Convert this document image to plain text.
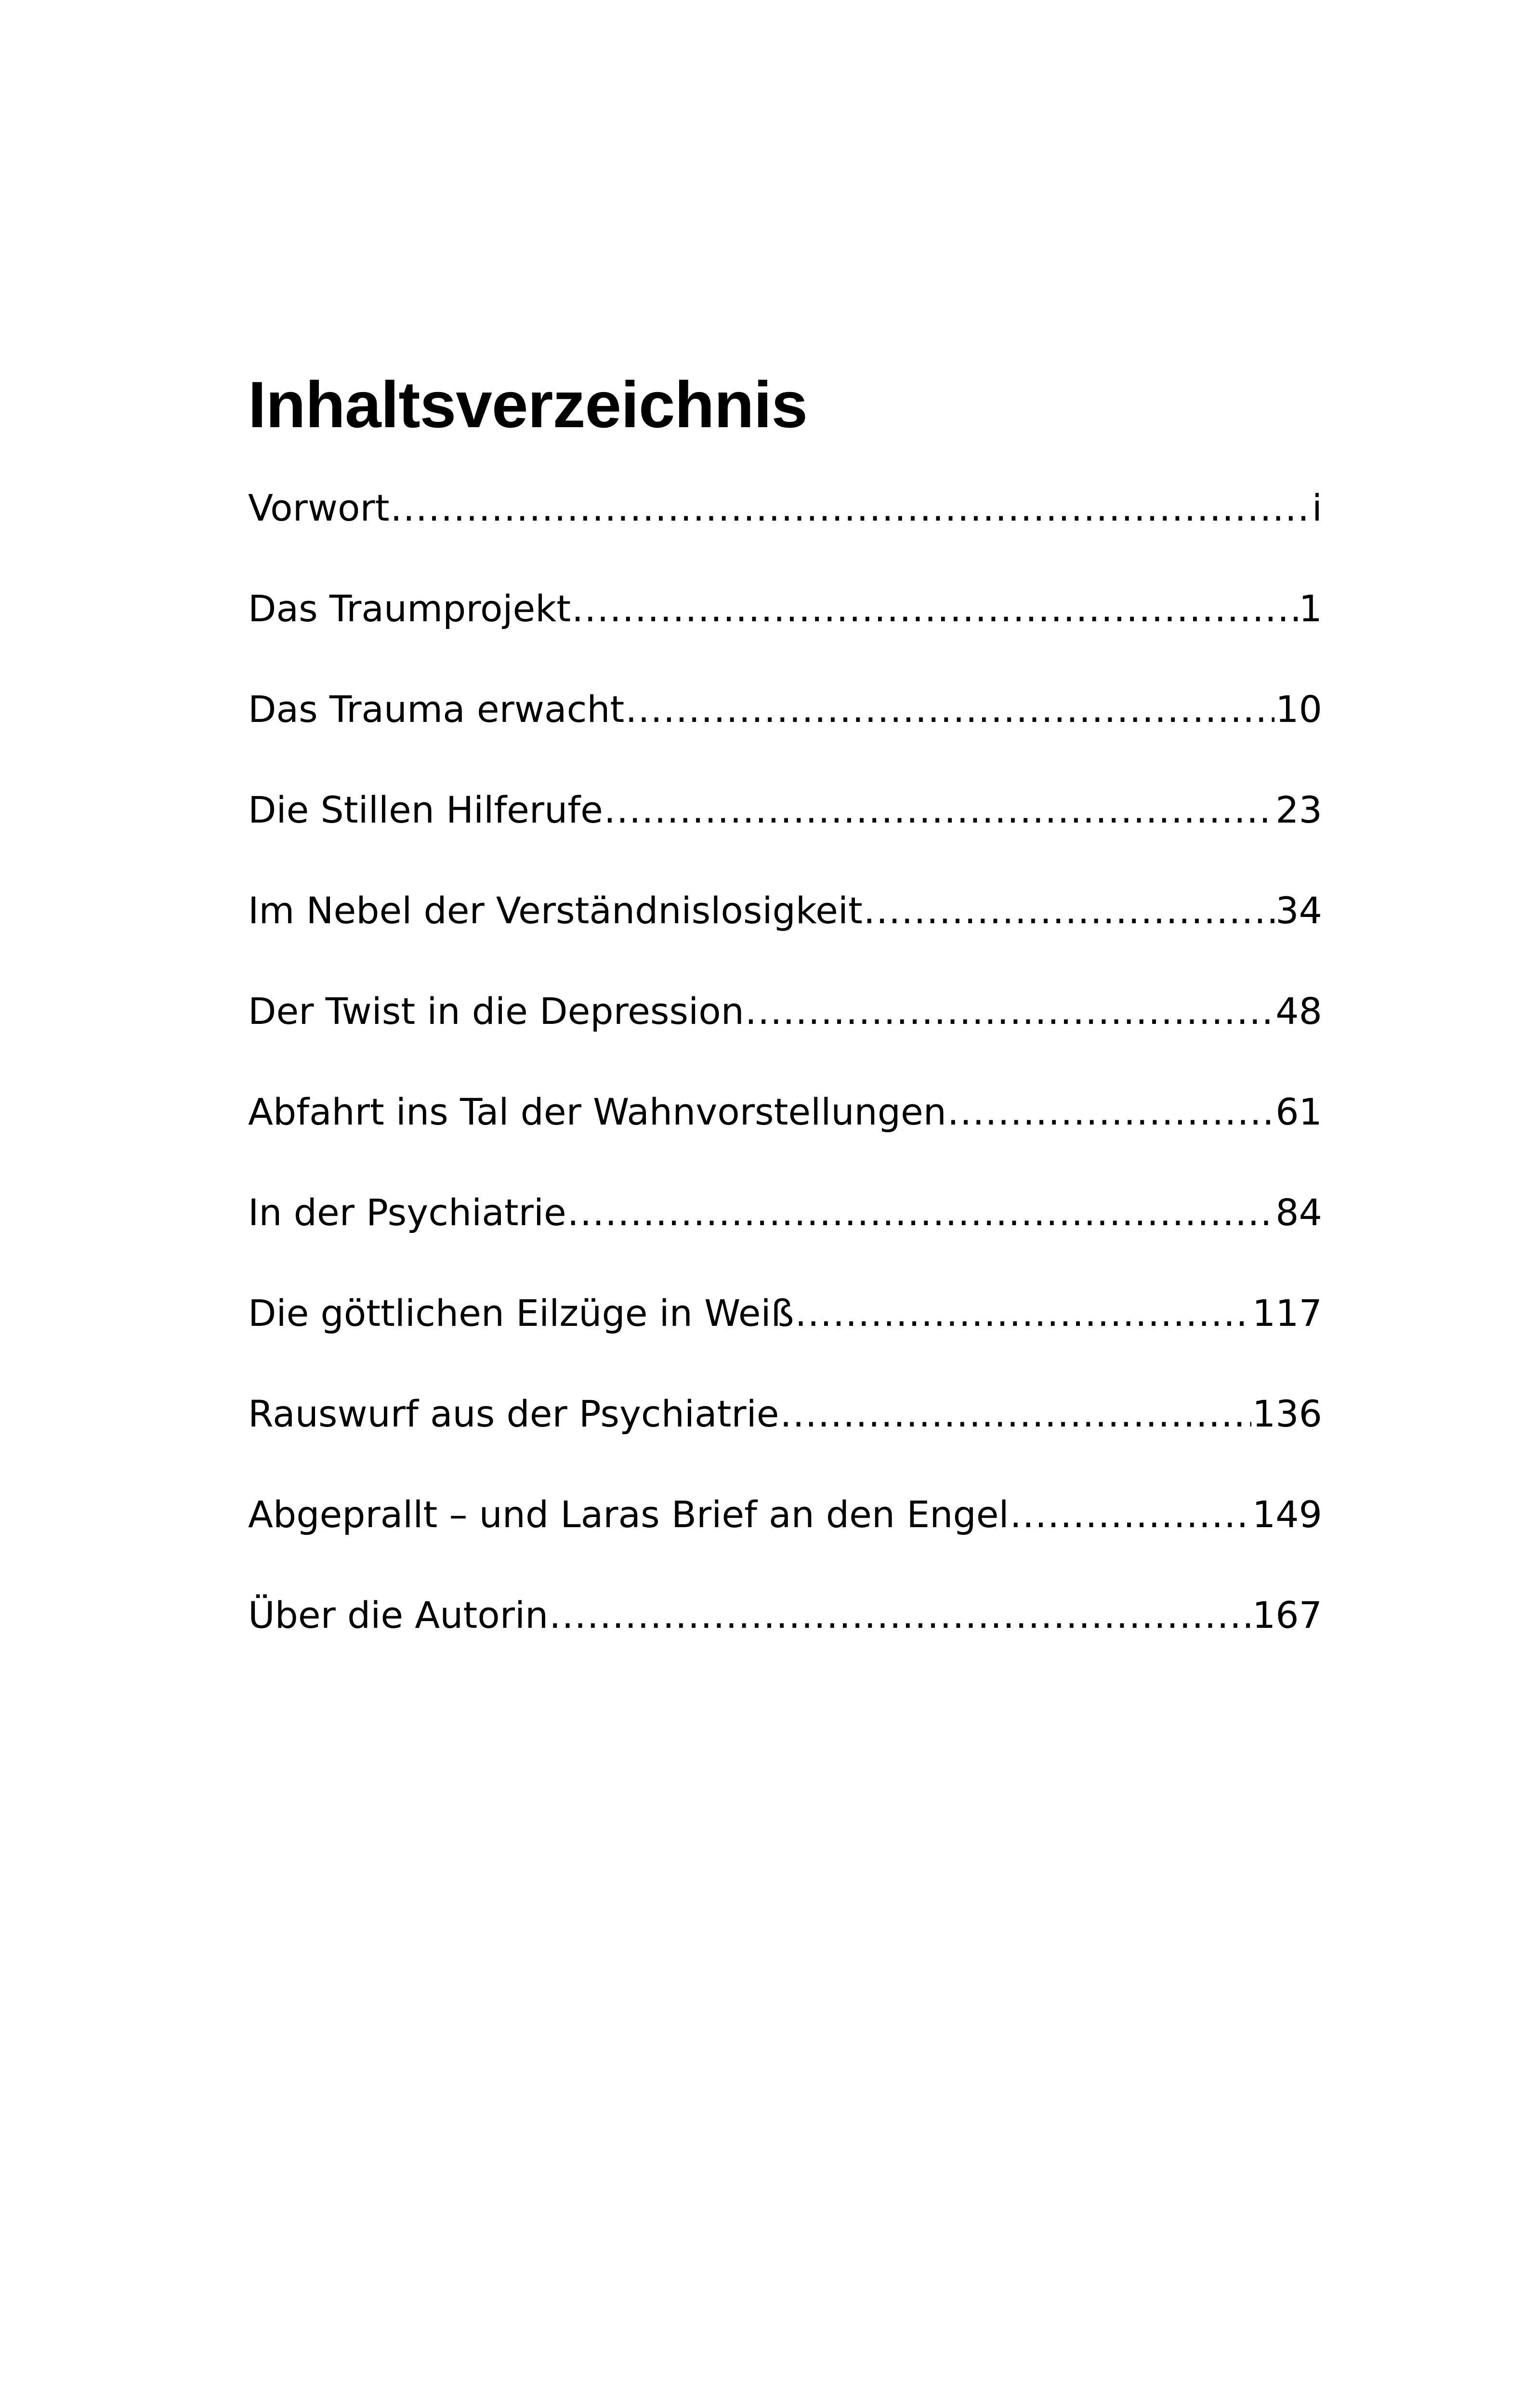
Inhaltsverzeichnis
Vorwort .....	i
Das Traumprojekt .....	1
Das Trauma erwacht .....	10
Die Stillen Hilferufe .....	23
Im Nebel der Verständnislosigkeit .....	34
Der Twist in die Depression .....	48
Abfahrt ins Tal der Wahnvorstellungen .....	61
In der Psychiatrie .....	84
Die göttlichen Eilzüge in Weiß .....	117
Rauswurf aus der Psychiatrie .....	136
Abgeprallt – und Laras Brief an den Engel .....	149
Über die Autorin .....	167
